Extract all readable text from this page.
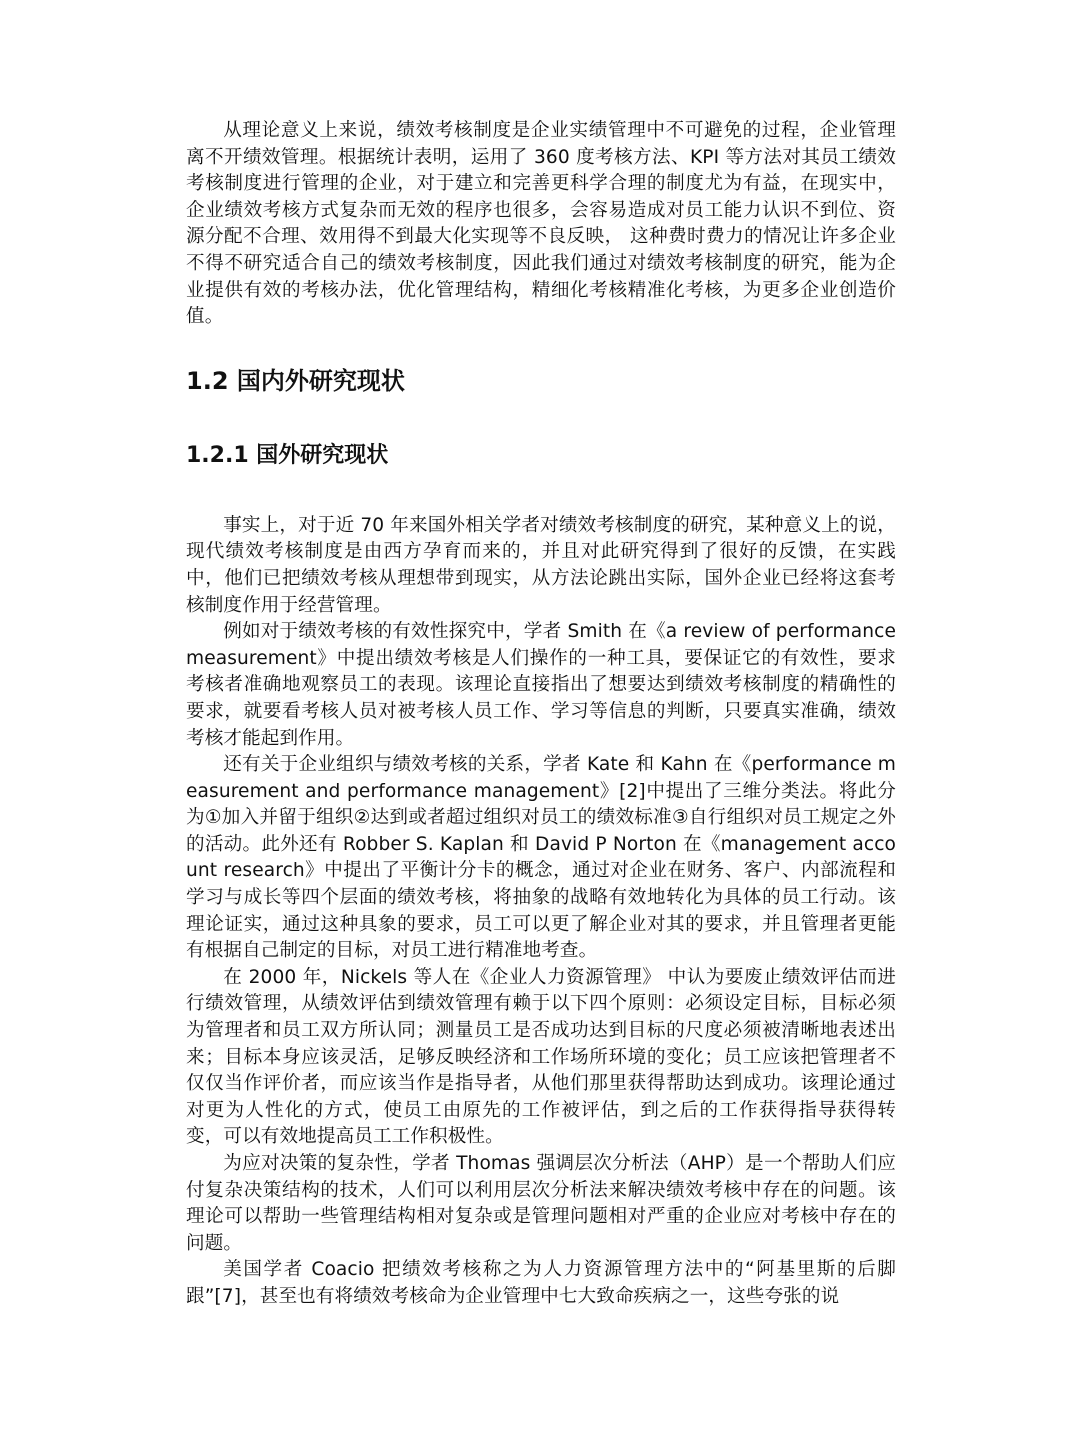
从理论意义上来说，绩效考核制度是企业实绩管理中不可避免的过程，企业管理离不开绩效管理。根据统计表明，运用了 360 度考核方法、KPI 等方法对其员工绩效考核制度进行管理的企业，对于建立和完善更科学合理的制度尤为有益，在现实中，企业绩效考核方式复杂而无效的程序也很多，会容易造成对员工能力认识不到位、资源分配不合理、效用得不到最大化实现等不良反映， 这种费时费力的情况让许多企业不得不研究适合自己的绩效考核制度，因此我们通过对绩效考核制度的研究，能为企业提供有效的考核办法，优化管理结构，精细化考核精准化考核，为更多企业创造价值。

1.2 国内外研究现状
1.2.1 国外研究现状

事实上，对于近 70 年来国外相关学者对绩效考核制度的研究，某种意义上的说，现代绩效考核制度是由西方孕育而来的，并且对此研究得到了很好的反馈，在实践中，他们已把绩效考核从理想带到现实，从方法论跳出实际，国外企业已经将这套考核制度作用于经营管理。

例如对于绩效考核的有效性探究中，学者 Smith 在《a review of performance measurement》中提出绩效考核是人们操作的一种工具，要保证它的有效性，要求考核者准确地观察员工的表现。该理论直接指出了想要达到绩效考核制度的精确性的要求，就要看考核人员对被考核人员工作、学习等信息的判断，只要真实准确，绩效考核才能起到作用。

还有关于企业组织与绩效考核的关系，学者 Kate 和 Kahn 在《performance measurement and performance management》[2]中提出了三维分类法。将此分为①加入并留于组织②达到或者超过组织对员工的绩效标准③自行组织对员工规定之外的活动。此外还有 Robber S. Kaplan 和 David P Norton 在《management account research》中提出了平衡计分卡的概念，通过对企业在财务、客户、内部流程和学习与成长等四个层面的绩效考核，将抽象的战略有效地转化为具体的员工行动。该理论证实，通过这种具象的要求，员工可以更了解企业对其的要求，并且管理者更能有根据自己制定的目标，对员工进行精准地考查。

在 2000 年，Nickels 等人在《企业人力资源管理》 中认为要废止绩效评估而进行绩效管理，从绩效评估到绩效管理有赖于以下四个原则：必须设定目标，目标必须为管理者和员工双方所认同；测量员工是否成功达到目标的尺度必须被清晰地表述出来；目标本身应该灵活，足够反映经济和工作场所环境的变化；员工应该把管理者不仅仅当作评价者，而应该当作是指导者，从他们那里获得帮助达到成功。该理论通过对更为人性化的方式，使员工由原先的工作被评估，到之后的工作获得指导获得转变，可以有效地提高员工工作积极性。

为应对决策的复杂性，学者 Thomas 强调层次分析法（AHP）是一个帮助人们应付复杂决策结构的技术，人们可以利用层次分析法来解决绩效考核中存在的问题。该理论可以帮助一些管理结构相对复杂或是管理问题相对严重的企业应对考核中存在的问题。

美国学者 Coacio 把绩效考核称之为人力资源管理方法中的“阿基里斯的后脚跟”[7]，甚至也有将绩效考核命为企业管理中七大致命疾病之一，这些夸张的说
